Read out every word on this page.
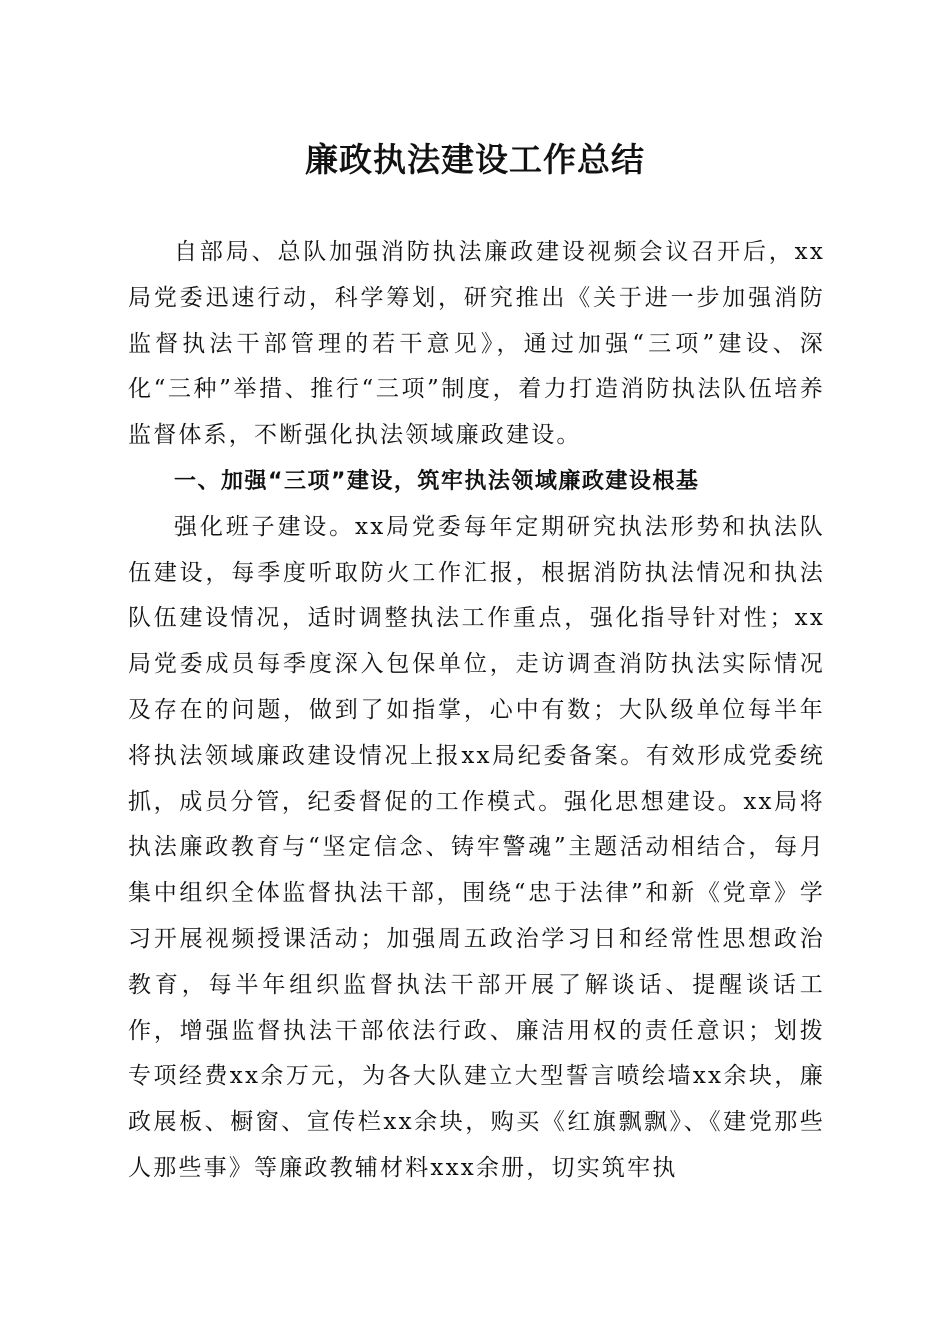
廉政执法建设工作总结

自部局、总队加强消防执法廉政建设视频会议召开后，xx局党委迅速行动，科学筹划，研究推出《关于进一步加强消防监督执法干部管理的若干意见》，通过加强“三项”建设、深化“三种”举措、推行“三项”制度，着力打造消防执法队伍培养监督体系，不断强化执法领域廉政建设。

一、加强“三项”建设，筑牢执法领域廉政建设根基

强化班子建设。xx局党委每年定期研究执法形势和执法队伍建设，每季度听取防火工作汇报，根据消防执法情况和执法队伍建设情况，适时调整执法工作重点，强化指导针对性；xx局党委成员每季度深入包保单位，走访调查消防执法实际情况及存在的问题，做到了如指掌，心中有数；大队级单位每半年将执法领域廉政建设情况上报xx局纪委备案。有效形成党委统抓，成员分管，纪委督促的工作模式。强化思想建设。xx局将执法廉政教育与“坚定信念、铸牢警魂”主题活动相结合，每月集中组织全体监督执法干部，围绕“忠于法律”和新《党章》学习开展视频授课活动；加强周五政治学习日和经常性思想政治教育，每半年组织监督执法干部开展了解谈话、提醒谈话工作，增强监督执法干部依法行政、廉洁用权的责任意识；划拨专项经费xx余万元，为各大队建立大型誓言喷绘墙xx余块，廉政展板、橱窗、宣传栏xx余块，购买《红旗飘飘》、《建党那些人那些事》等廉政教辅材料xxx余册，切实筑牢执
